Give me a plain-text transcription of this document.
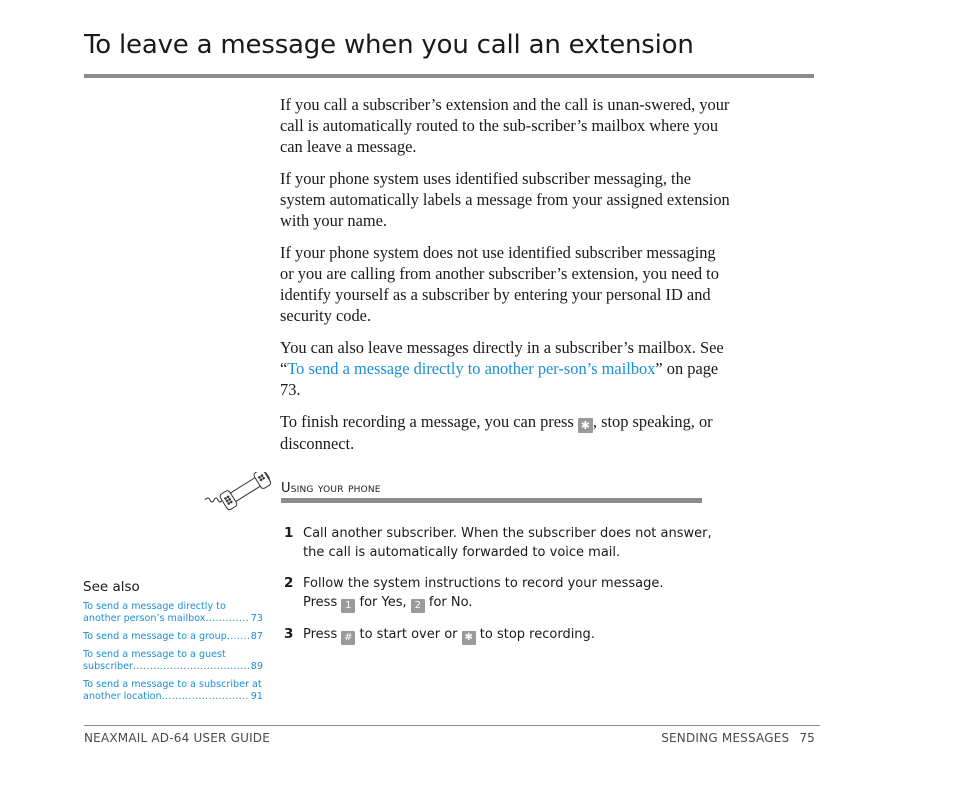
To leave a message when you call an extension

If you call a subscriber’s extension and the call is unan-swered, your call is automatically routed to the sub-scriber’s mailbox where you can leave a message.

If your phone system uses identified subscriber messaging, the system automatically labels a message from your assigned extension with your name.

If your phone system does not use identified subscriber messaging or you are calling from another subscriber’s extension, you need to identify yourself as a subscriber by entering your personal ID and security code.

You can also leave messages directly in a subscriber’s mailbox. See “To send a message directly to another per-son’s mailbox” on page 73.

To finish recording a message, you can press ✱ , stop speaking, or disconnect.

Using your phone
1 Call another subscriber. When the subscriber does not answer, the call is automatically forwarded to voice mail.
2 Follow the system instructions to record your message.
Press 1 for Yes, 2 for No.
3 Press # to start over or ✱ to stop recording.
See also
To send a message directly to
another person’s mailbox .....	73
To send a message to a group ..... 87
To send a message to a guest
subscriber .....	89
To send a message to a subscriber at
another location .....	91
NEAXMAIL AD-64 USER GUIDE	SENDING MESSAGES 75
